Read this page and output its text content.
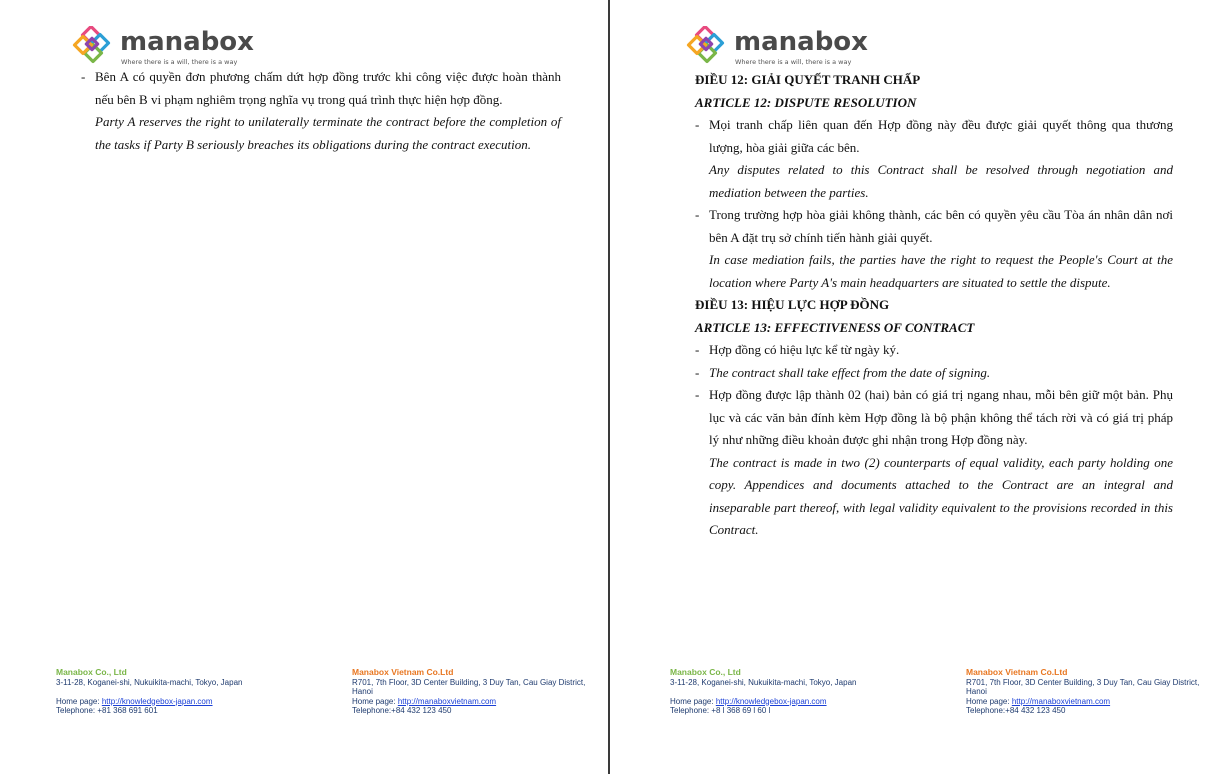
manabox
Where there is a will, there is a way
- Bên A có quyền đơn phương chấm dứt hợp đồng trước khi công việc được hoàn thành nếu bên B vi phạm nghiêm trọng nghĩa vụ trong quá trình thực hiện hợp đồng.
Party A reserves the right to unilaterally terminate the contract before the completion of the tasks if Party B seriously breaches its obligations during the contract execution.
Manabox Co., Ltd
3-11-28, Koganei-shi, Nukuikita-machi, Tokyo, Japan
Home page: http://knowledgebox-japan.com
Telephone: +81 368 691 601
Manabox Vietnam Co.Ltd
R701, 7th Floor, 3D Center Building, 3 Duy Tan, Cau Giay District, Hanoi
Home page: http://manaboxvietnam.com
Telephone:+84 432 123 450
manabox
Where there is a will, there is a way
ĐIỀU 12: GIẢI QUYẾT TRANH CHẤP
ARTICLE 12: DISPUTE RESOLUTION
- Mọi tranh chấp liên quan đến Hợp đồng này đều được giải quyết thông qua thương lượng, hòa giải giữa các bên.
Any disputes related to this Contract shall be resolved through negotiation and mediation between the parties.
- Trong trường hợp hòa giải không thành, các bên có quyền yêu cầu Tòa án nhân dân nơi bên A đặt trụ sở chính tiến hành giải quyết.
In case mediation fails, the parties have the right to request the People's Court at the location where Party A's main headquarters are situated to settle the dispute.
ĐIỀU 13: HIỆU LỰC HỢP ĐỒNG
ARTICLE 13: EFFECTIVENESS OF CONTRACT
- Hợp đồng có hiệu lực kể từ ngày ký.
- The contract shall take effect from the date of signing.
- Hợp đồng được lập thành 02 (hai) bản có giá trị ngang nhau, mỗi bên giữ một bản. Phụ lục và các văn bản đính kèm Hợp đồng là bộ phận không thể tách rời và có giá trị pháp lý như những điều khoản được ghi nhận trong Hợp đồng này.
The contract is made in two (2) counterparts of equal validity, each party holding one copy. Appendices and documents attached to the Contract are an integral and inseparable part thereof, with legal validity equivalent to the provisions recorded in this Contract.
Manabox Co., Ltd
3-11-28, Koganei-shi, Nukuikita-machi, Tokyo, Japan
Home page: http://knowledgebox-japan.com
Telephone: +8 l 368 69 l 60 l
Manabox Vietnam Co.Ltd
R701, 7th Floor, 3D Center Building, 3 Duy Tan, Cau Giay District, Hanoi
Home page: http://manaboxvietnam.com
Telephone:+84 432 123 450
